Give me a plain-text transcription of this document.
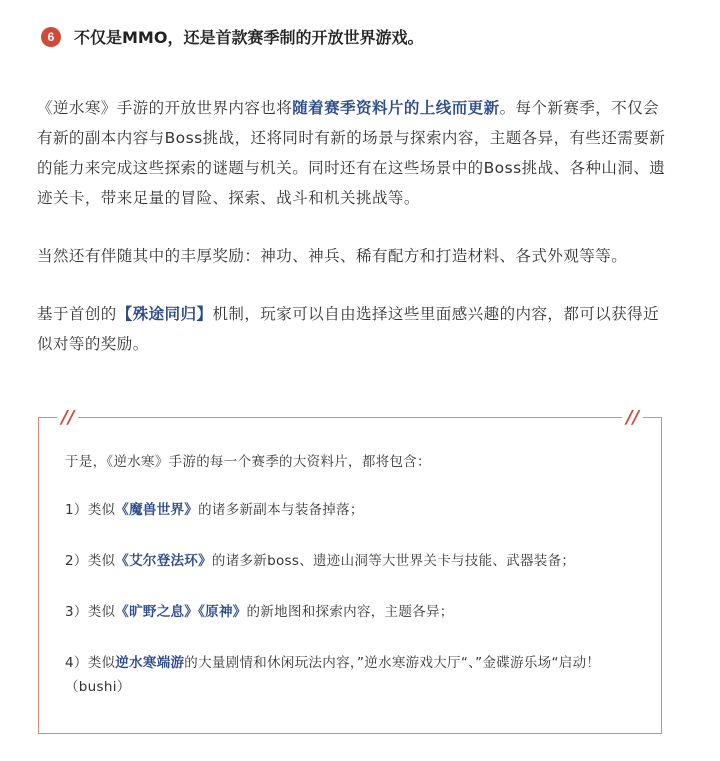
6	不仅是MMO，还是首款赛季制的开放世界游戏。

《逆水寒》手游的开放世界内容也将随着赛季资料片的上线而更新。每个新赛季，不仅会有新的副本内容与Boss挑战，还将同时有新的场景与探索内容，主题各异，有些还需要新的能力来完成这些探索的谜题与机关。同时还有在这些场景中的Boss挑战、各种山洞、遗迹关卡，带来足量的冒险、探索、战斗和机关挑战等。

当然还有伴随其中的丰厚奖励：神功、神兵、稀有配方和打造材料、各式外观等等。

基于首创的【殊途同归】机制，玩家可以自由选择这些里面感兴趣的内容，都可以获得近似对等的奖励。

//	//

于是，《逆水寒》手游的每一个赛季的大资料片，都将包含：

1）类似《魔兽世界》的诸多新副本与装备掉落；

2）类似《艾尔登法环》的诸多新boss、遗迹山洞等大世界关卡与技能、武器装备；

3）类似《旷野之息》《原神》的新地图和探索内容，主题各异；

4）类似逆水寒端游的大量剧情和休闲玩法内容，”逆水寒游戏大厅“、”金碟游乐场“启动！（bushi）
